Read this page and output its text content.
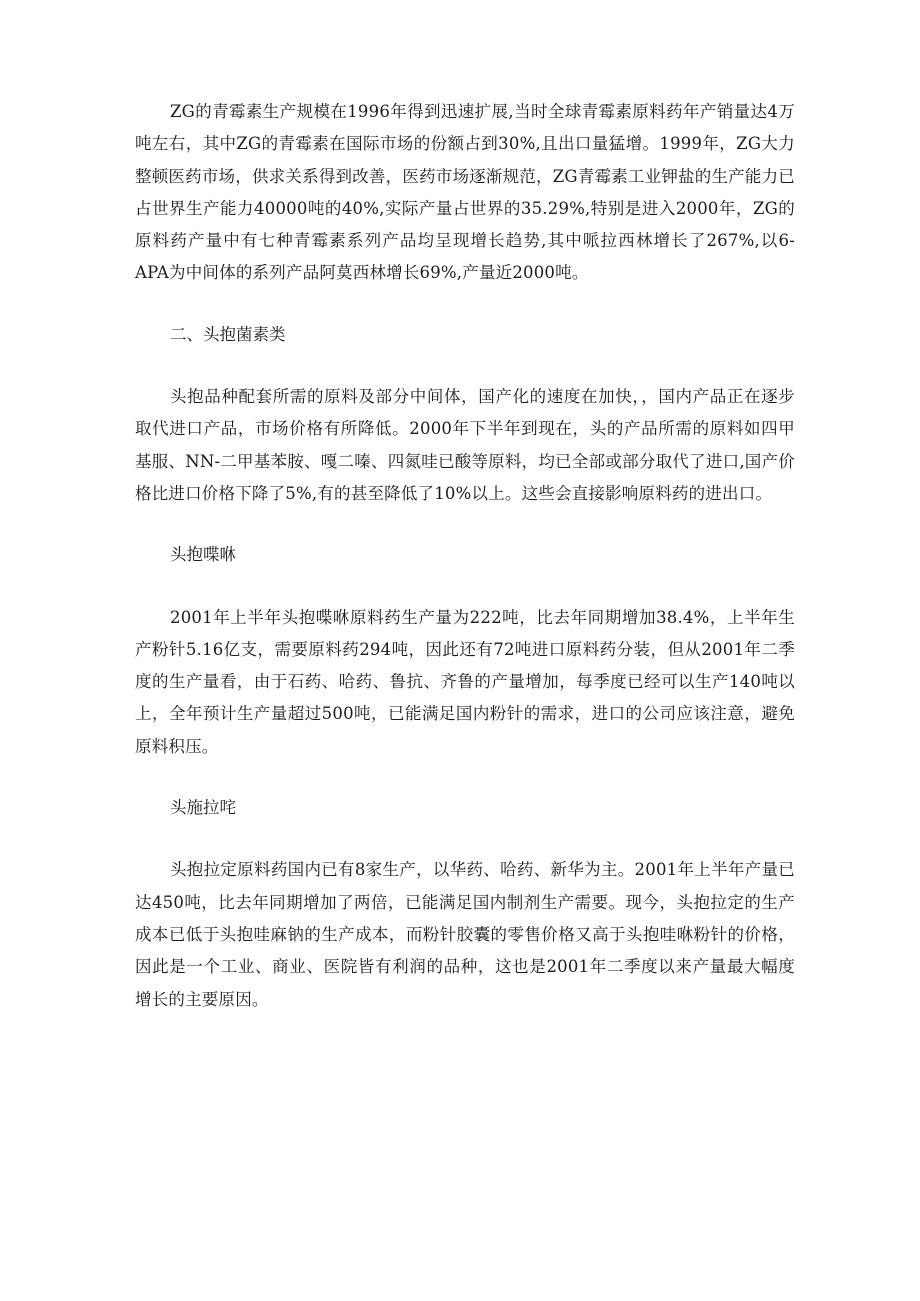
ZG的青霉素生产规模在1996年得到迅速扩展,当时全球青霉素原料药年产销量达4万吨左右，其中ZG的青霉素在国际市场的份额占到30%,且出口量猛增。1999年，ZG大力整顿医药市场，供求关系得到改善，医药市场逐渐规范，ZG青霉素工业钾盐的生产能力已占世界生产能力40000吨的40%,实际产量占世界的35.29%,特别是进入2000年，ZG的原料药产量中有七种青霉素系列产品均呈现增长趋势,其中哌拉西林增长了267%,以6-APA为中间体的系列产品阿莫西林增长69%,产量近2000吨。

二、头抱菌素类

头抱品种配套所需的原料及部分中间体，国产化的速度在加快，，国内产品正在逐步取代进口产品，市场价格有所降低。2000年下半年到现在，头的产品所需的原料如四甲基服、NN-二甲基苯胺、嘎二嗪、四氮哇已酸等原料，均已全部或部分取代了进口,国产价格比进口价格下降了5%,有的甚至降低了10%以上。这些会直接影响原料药的进出口。

头抱喋咻

2001年上半年头抱喋咻原料药生产量为222吨，比去年同期增加38.4%，上半年生产粉针5.16亿支，需要原料药294吨，因此还有72吨进口原料药分装，但从2001年二季度的生产量看，由于石药、哈药、鲁抗、齐鲁的产量增加，每季度已经可以生产140吨以上，全年预计生产量超过500吨，已能满足国内粉针的需求，进口的公司应该注意，避免原料积压。

头施拉咤

头抱拉定原料药国内已有8家生产，以华药、哈药、新华为主。2001年上半年产量已达450吨，比去年同期增加了两倍，已能满足国内制剂生产需要。现今，头抱拉定的生产成本已低于头抱哇麻钠的生产成本，而粉针胶囊的零售价格又高于头抱哇咻粉针的价格，因此是一个工业、商业、医院皆有利润的品种，这也是2001年二季度以来产量最大幅度增长的主要原因。
